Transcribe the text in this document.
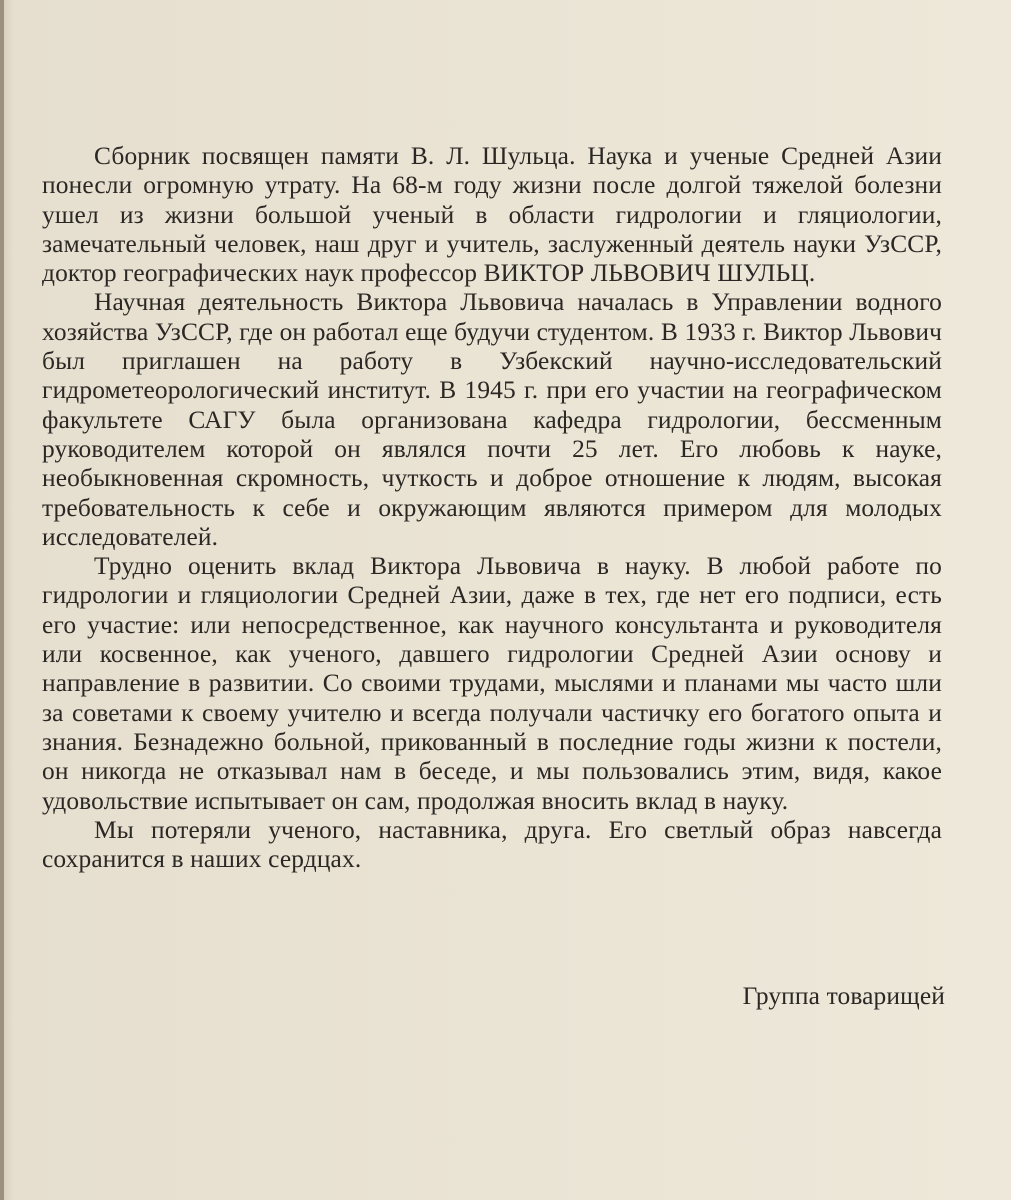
Сборник посвящен памяти В. Л. Шульца. Наука и ученые Средней Азии понесли огромную утрату. На 68-м году жизни после долгой тяжелой болезни ушел из жизни большой ученый в области гидрологии и гляциологии, замечательный человек, наш друг и учитель, заслуженный деятель науки УзССР, доктор географических наук профессор ВИКТОР ЛЬВОВИЧ ШУЛЬЦ.

Научная деятельность Виктора Львовича началась в Управлении водного хозяйства УзССР, где он работал еще будучи студентом. В 1933 г. Виктор Львович был приглашен на работу в Узбекский научно-исследовательский гидрометеорологический институт. В 1945 г. при его участии на географическом факультете САГУ была организована кафедра гидрологии, бессменным руководителем которой он являлся почти 25 лет. Его любовь к науке, необыкновенная скромность, чуткость и доброе отношение к людям, высокая требовательность к себе и окружающим являются примером для молодых исследователей.

Трудно оценить вклад Виктора Львовича в науку. В любой работе по гидрологии и гляциологии Средней Азии, даже в тех, где нет его подписи, есть его участие: или непосредственное, как научного консультанта и руководителя или косвенное, как ученого, давшего гидрологии Средней Азии основу и направление в развитии. Со своими трудами, мыслями и планами мы часто шли за советами к своему учителю и всегда получали частичку его богатого опыта и знания. Безнадежно больной, прикованный в последние годы жизни к постели, он никогда не отказывал нам в беседе, и мы пользовались этим, видя, какое удовольствие испытывает он сам, продолжая вносить вклад в науку.

Мы потеряли ученого, наставника, друга. Его светлый образ навсегда сохранится в наших сердцах.

Группа товарищей
